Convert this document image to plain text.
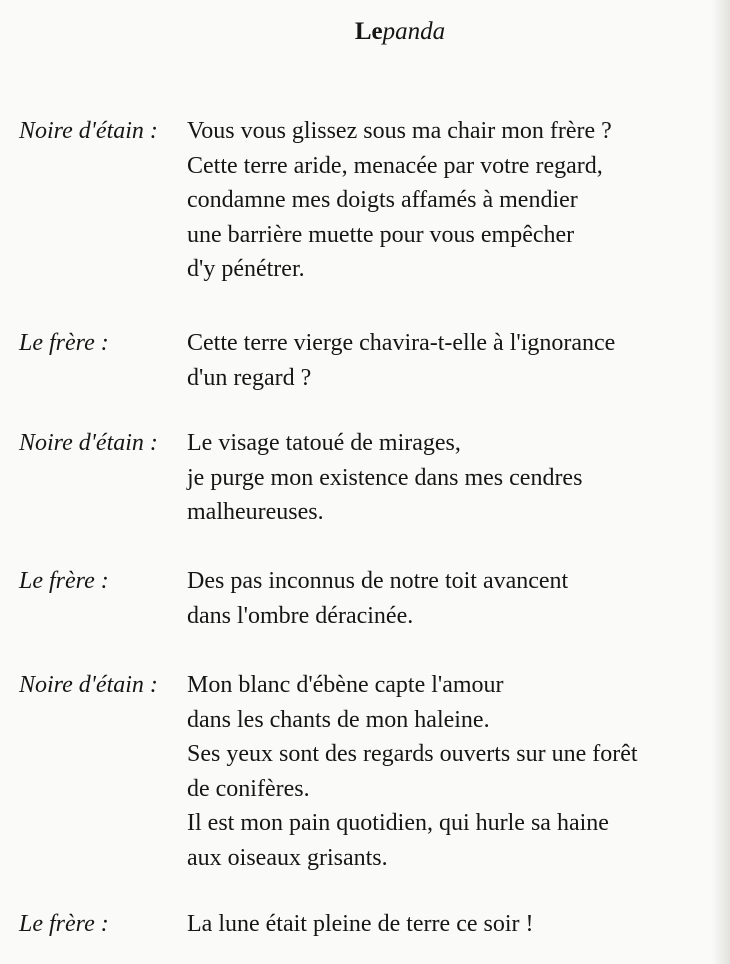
Lepanda
Noire d'étain : Vous vous glissez sous ma chair mon frère ?
Cette terre aride, menacée par votre regard,
condamne mes doigts affamés à mendier
une barrière muette pour vous empêcher
d'y pénétrer.
Le frère :	Cette terre vierge chavira-t-elle à l'ignorance
d'un regard ?
Noire d'étain : Le visage tatoué de mirages,
je purge mon existence dans mes cendres
malheureuses.
Le frère :	Des pas inconnus de notre toit avancent
dans l'ombre déracinée.
Noire d'étain : Mon blanc d'ébène capte l'amour
dans les chants de mon haleine.
Ses yeux sont des regards ouverts sur une forêt
de conifères.
Il est mon pain quotidien, qui hurle sa haine
aux oiseaux grisants.
Le frère :	La lune était pleine de terre ce soir !
